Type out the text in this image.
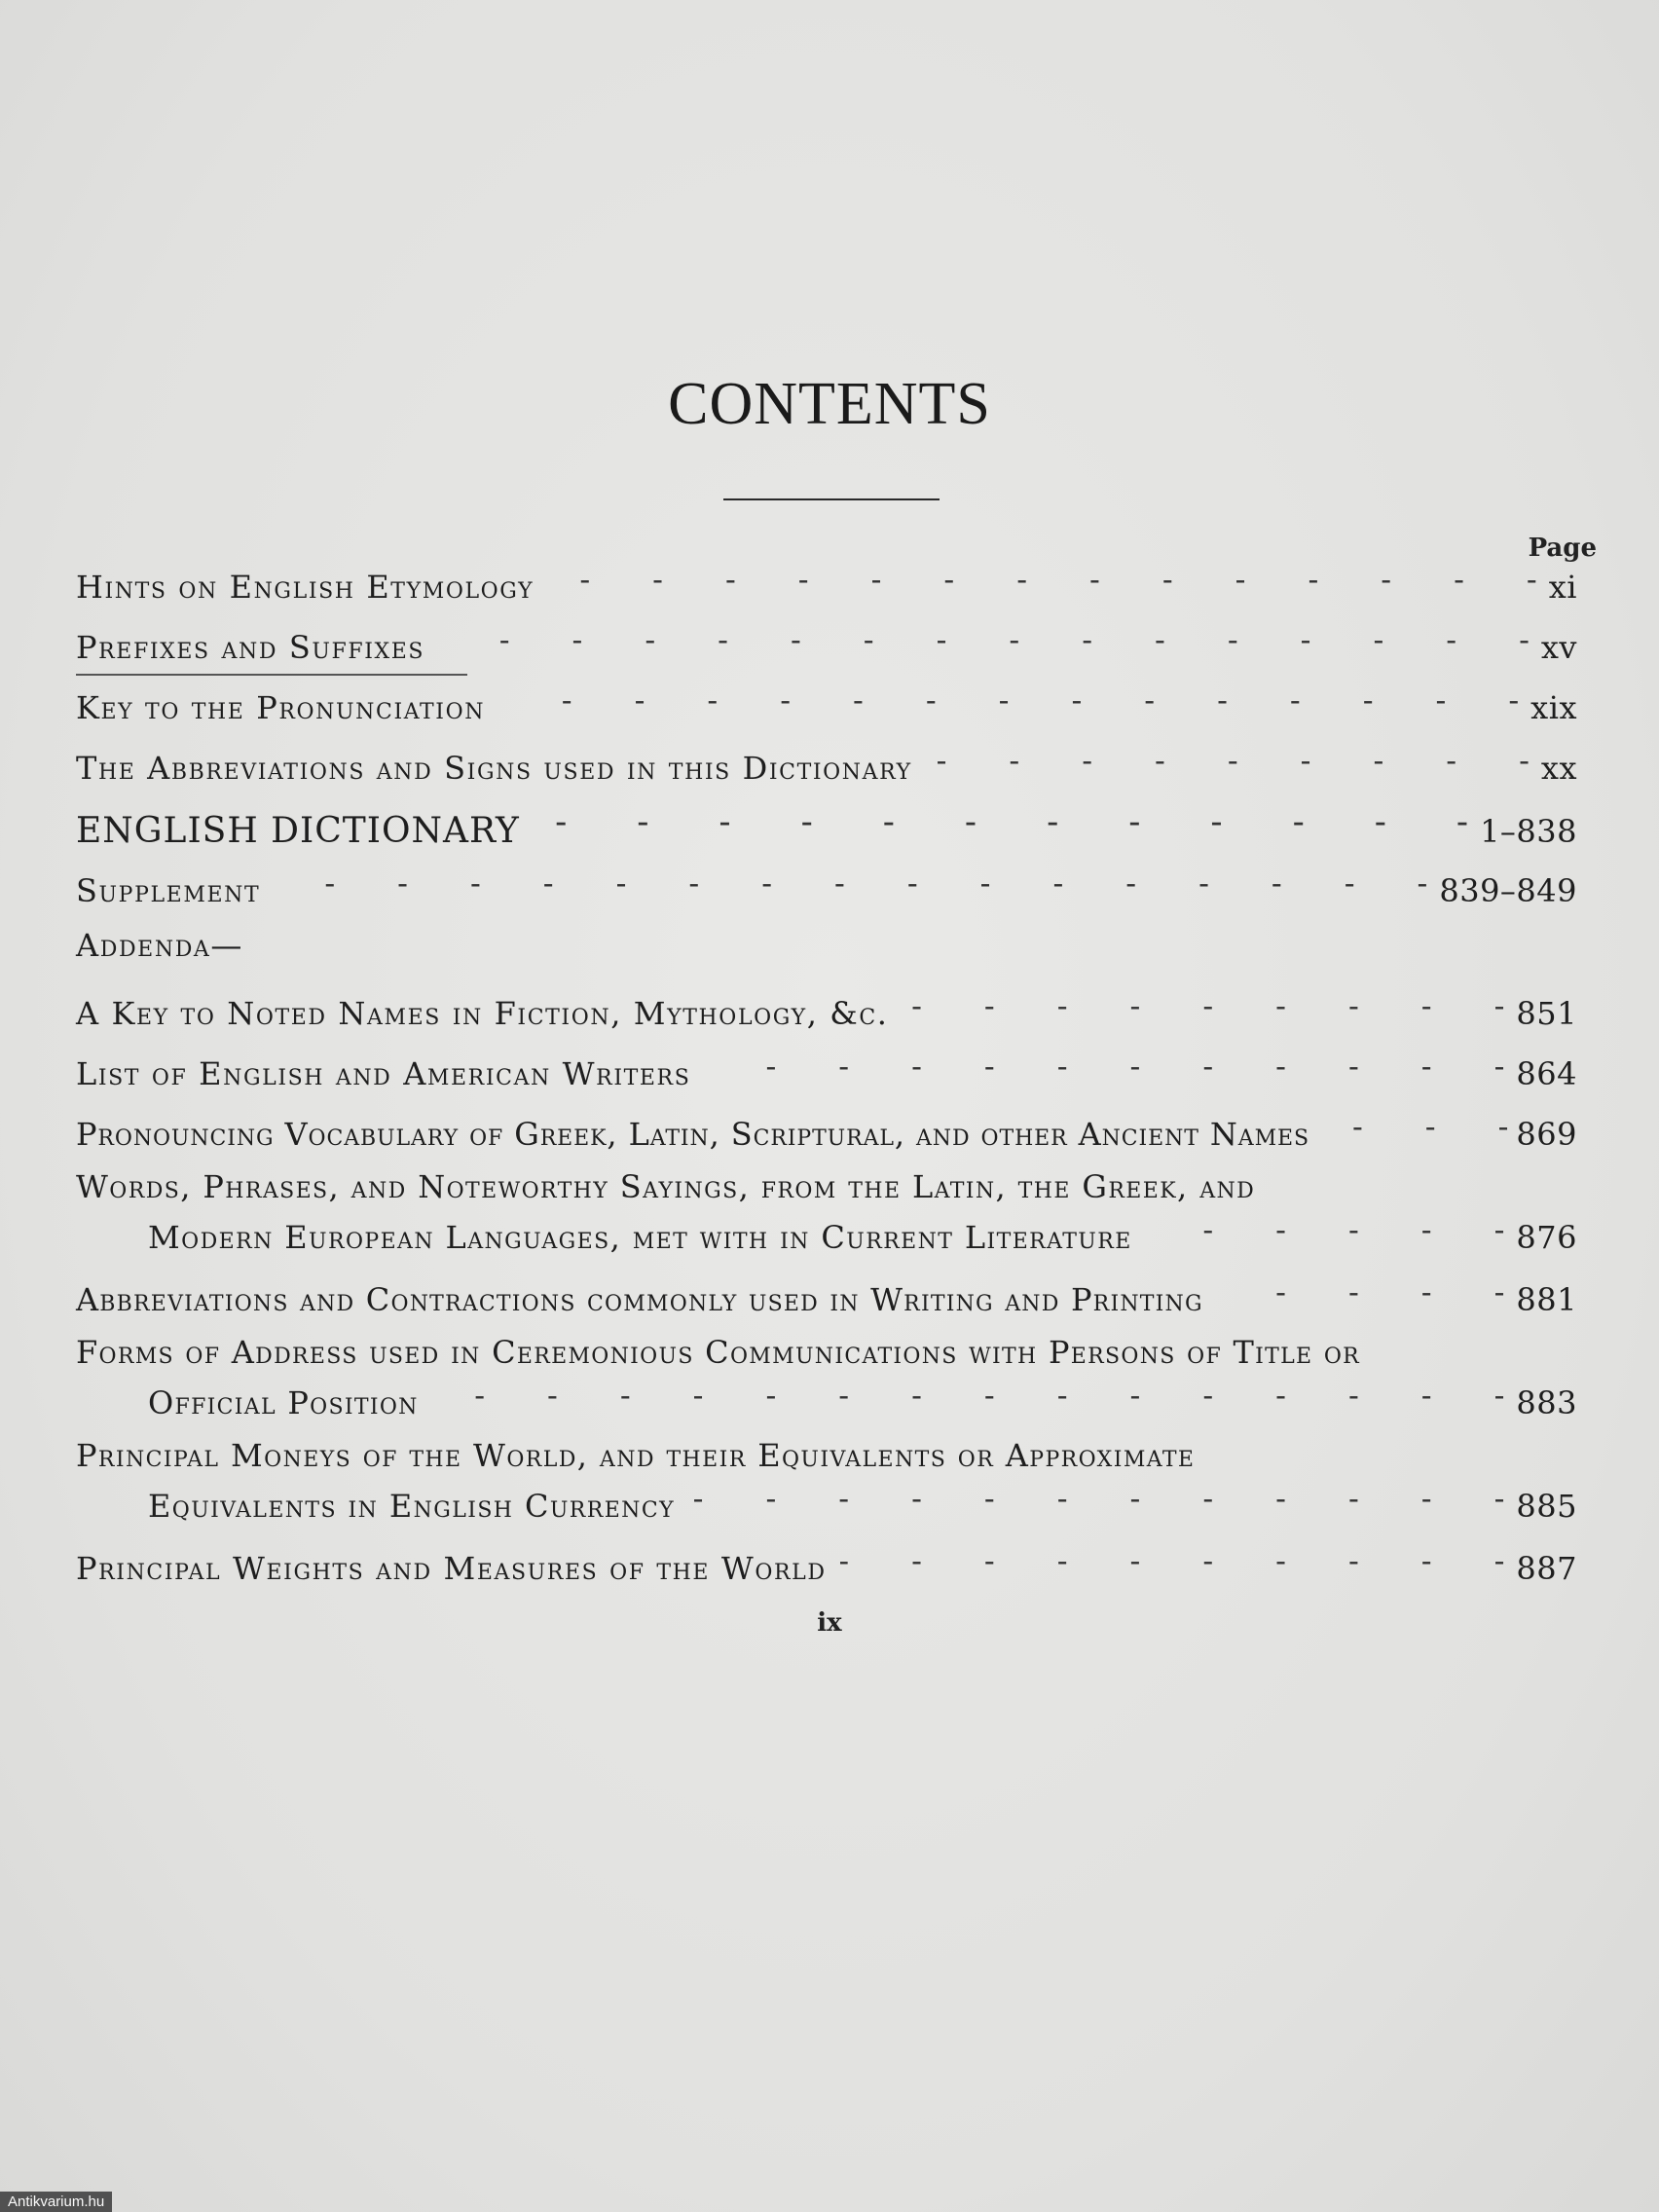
CONTENTS
Page
Hints on English Etymology -  - 	xi
Prefixes and Suffixes -  - 	xv
Key to the Pronunciation -  - 	xix
The Abbreviations and Signs used in this Dictionary -  - 	xx
ENGLISH DICTIONARY -  - 	1–838
Supplement -  - 	839–849
Addenda—
A Key to Noted Names in Fiction, Mythology, &c. -  - 	851
List of English and American Writers -  - 	864
Pronouncing Vocabulary of Greek, Latin, Scriptural, and other Ancient Names -  - 	869
Words, Phrases, and Noteworthy Sayings, from the Latin, the Greek, and
Modern European Languages, met with in Current Literature -  - 	876
Abbreviations and Contractions commonly used in Writing and Printing -  - 	881
Forms of Address used in Ceremonious Communications with Persons of Title or
Official Position -  - 	883
Principal Moneys of the World, and their Equivalents or Approximate
Equivalents in English Currency -  - 	885
Principal Weights and Measures of the World -  - 	887
ix
Antikvarium.hu
